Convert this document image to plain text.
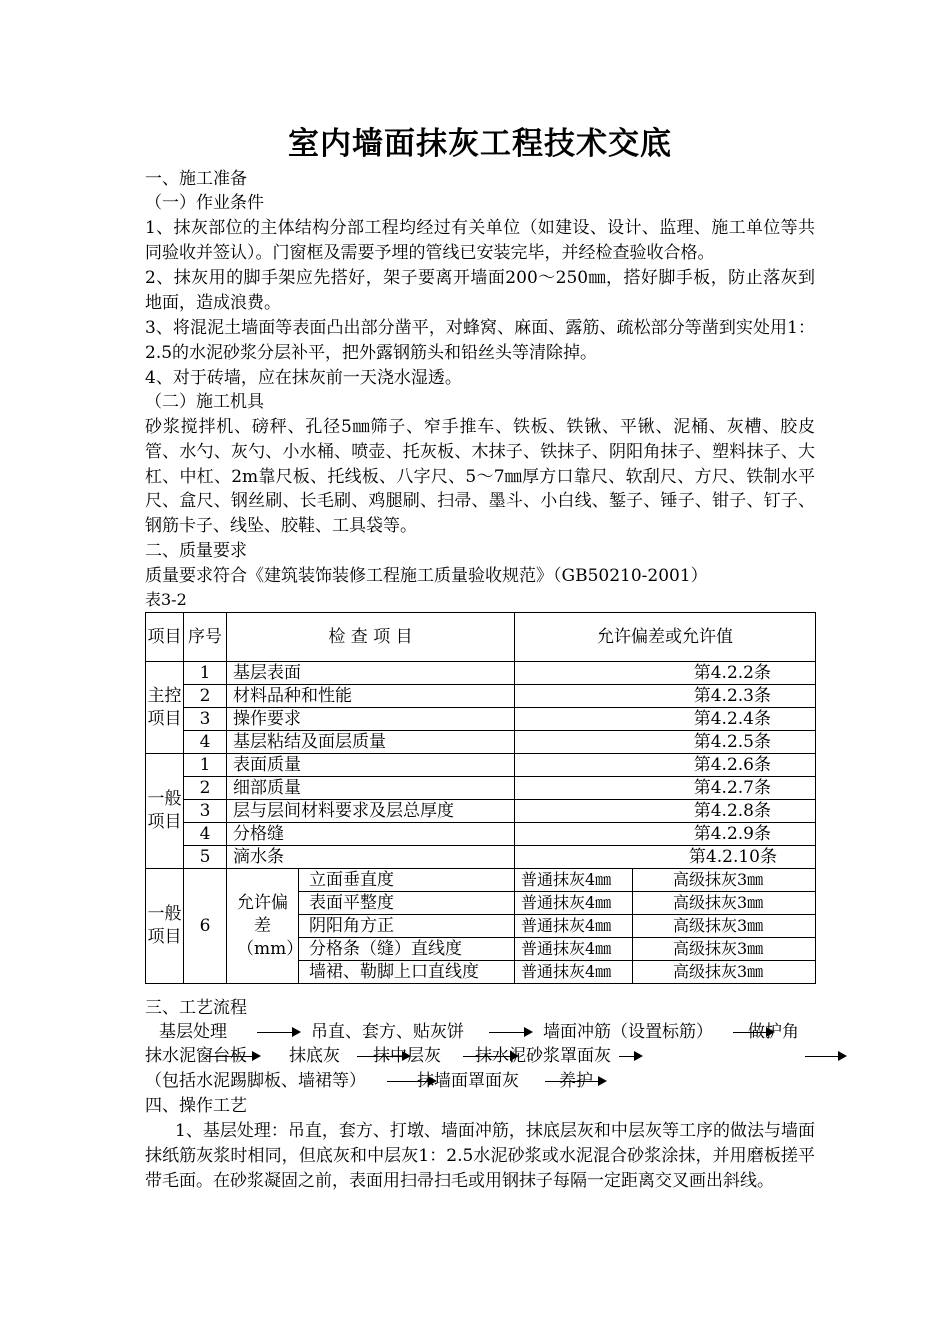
室内墙面抹灰工程技术交底
一、施工准备
（一）作业条件
1、抹灰部位的主体结构分部工程均经过有关单位（如建设、设计、监理、施工单位等共同验收并签认）。门窗框及需要予埋的管线已安装完毕，并经检查验收合格。
2、抹灰用的脚手架应先搭好，架子要离开墙面200～250㎜，搭好脚手板，防止落灰到地面，造成浪费。
3、将混泥土墙面等表面凸出部分凿平，对蜂窝、麻面、露筋、疏松部分等凿到实处用1：2.5的水泥砂浆分层补平，把外露钢筋头和铅丝头等清除掉。
4、对于砖墙，应在抹灰前一天浇水湿透。
（二）施工机具
砂浆搅拌机、磅秤、孔径5㎜筛子、窄手推车、铁板、铁锹、平锹、泥桶、灰槽、胶皮管、水勺、灰勺、小水桶、喷壶、托灰板、木抹子、铁抹子、阴阳角抹子、塑料抹子、大杠、中杠、2m靠尺板、托线板、八字尺、5～7㎜厚方口靠尺、软刮尺、方尺、铁制水平尺、盒尺、钢丝刷、长毛刷、鸡腿刷、扫帚、墨斗、小白线、錾子、锤子、钳子、钉子、钢筋卡子、线坠、胶鞋、工具袋等。
二、质量要求
质量要求符合《建筑装饰装修工程施工质量验收规范》（GB50210-2001）
表3-2
项目	序号	检 查 项 目		允许偏差或允许值	
主控项目	1	基层表面		第4.2.2条	
	2	材料品种和性能		第4.2.3条	
	3	操作要求		第4.2.4条	
	4	基层粘结及面层质量		第4.2.5条	
一般项目	1	表面质量		第4.2.6条	
	2	细部质量		第4.2.7条	
	3	层与层间材料要求及层总厚度		第4.2.8条	
	4	分格缝		第4.2.9条	
	5	滴水条		第4.2.10条	
一般项目	6	允许偏差（mm）	立面垂直度	普通抹灰4㎜	高级抹灰3㎜
			表面平整度	普通抹灰4㎜	高级抹灰3㎜
			阴阳角方正	普通抹灰4㎜	高级抹灰3㎜
			分格条（缝）直线度	普通抹灰4㎜	高级抹灰3㎜
			墙裙、勒脚上口直线度	普通抹灰4㎜	高级抹灰3㎜
三、工艺流程
基层处理	吊直、套方、贴灰饼	墙面冲筋（设置标筋） 做护角
抹水泥窗台板 抹底灰 抹中层灰 抹水泥砂浆罩面灰
（包括水泥踢脚板、墙裙等）	抹墙面罩面灰 养护
四、操作工艺
1、基层处理：吊直，套方、打墩、墙面冲筋，抹底层灰和中层灰等工序的做法与墙面抹纸筋灰浆时相同，但底灰和中层灰1：2.5水泥砂浆或水泥混合砂浆涂抹，并用磨板搓平带毛面。在砂浆凝固之前，表面用扫帚扫毛或用钢抹子每隔一定距离交叉画出斜线。
